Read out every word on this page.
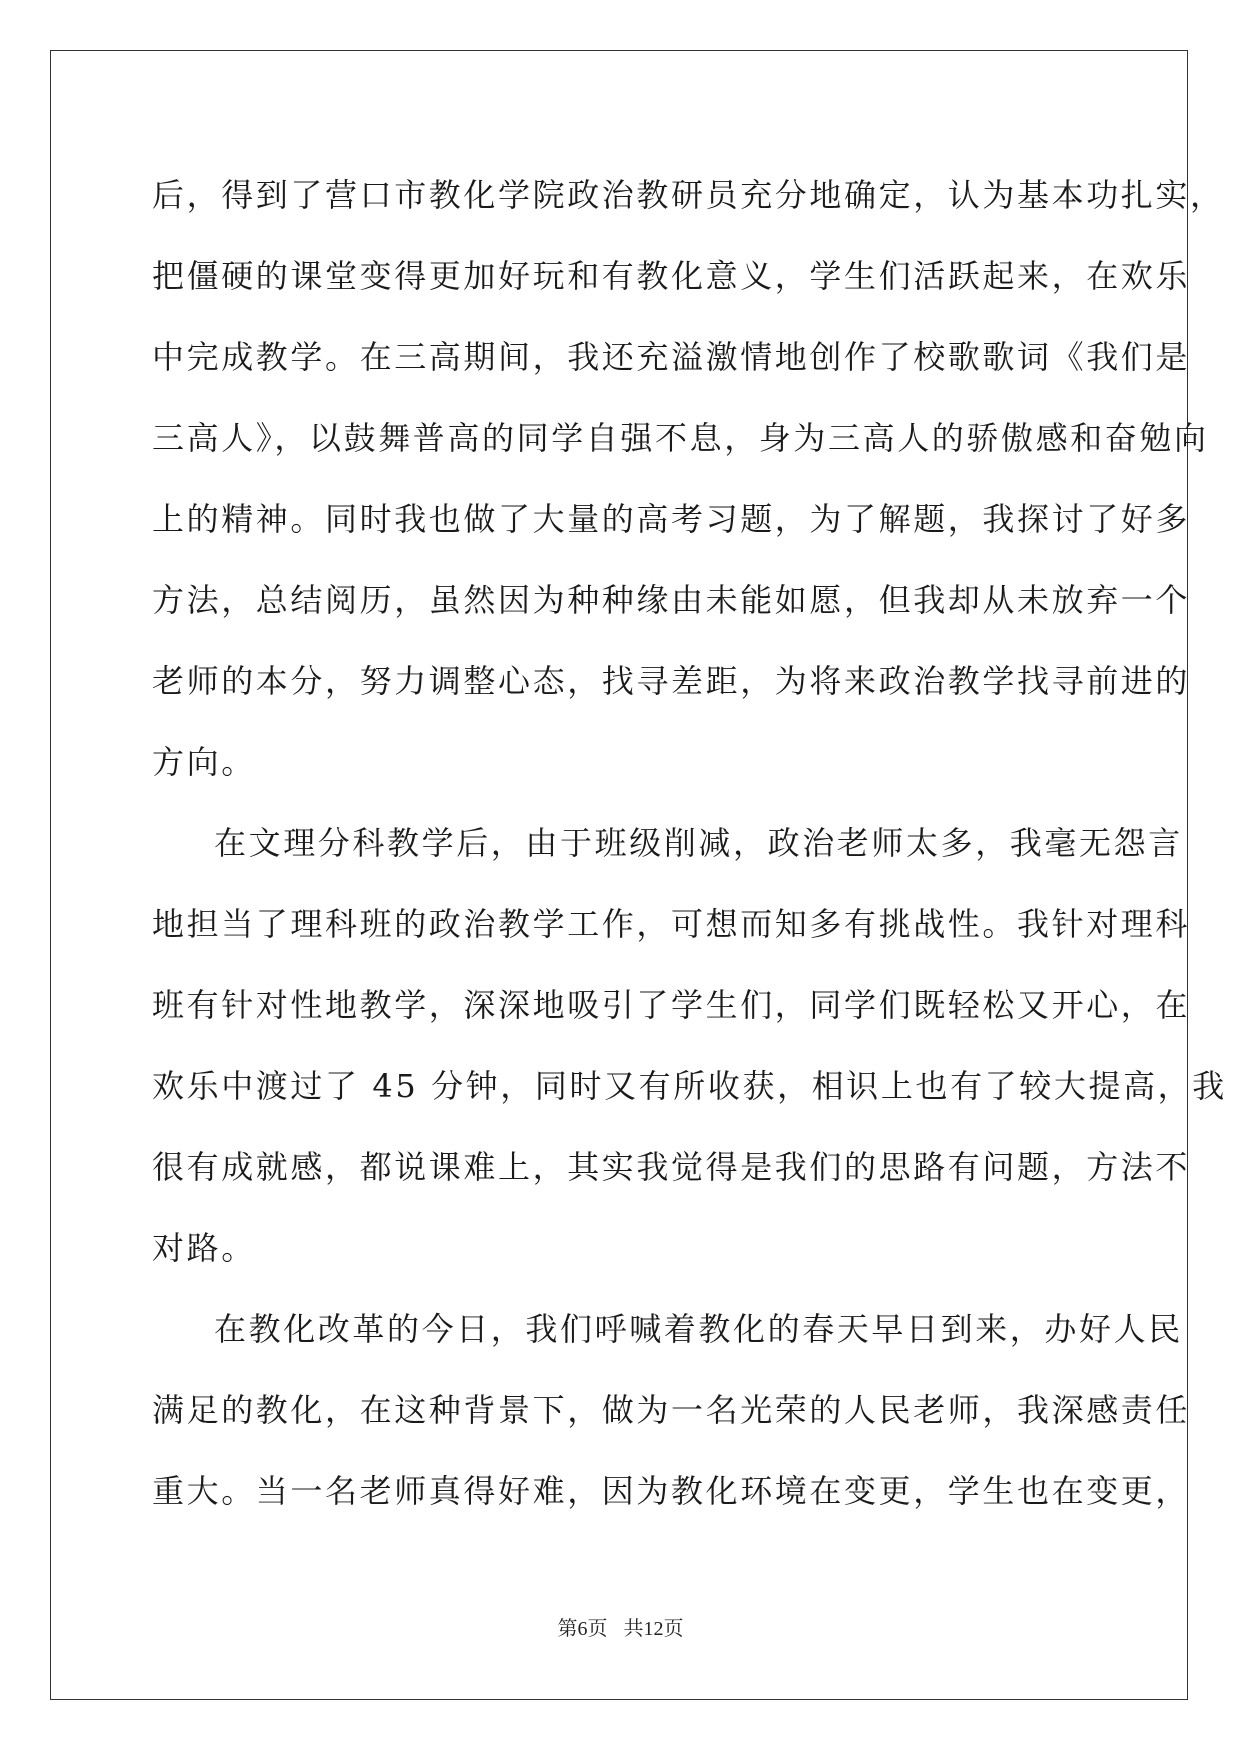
后，得到了营口市教化学院政治教研员充分地确定，认为基本功扎实，
把僵硬的课堂变得更加好玩和有教化意义，学生们活跃起来，在欢乐
中完成教学。在三高期间，我还充溢激情地创作了校歌歌词《我们是
三高人》，以鼓舞普高的同学自强不息，身为三高人的骄傲感和奋勉向
上的精神。同时我也做了大量的高考习题，为了解题，我探讨了好多
方法，总结阅历，虽然因为种种缘由未能如愿，但我却从未放弃一个
老师的本分，努力调整心态，找寻差距，为将来政治教学找寻前进的
方向。
在文理分科教学后，由于班级削减，政治老师太多，我毫无怨言
地担当了理科班的政治教学工作，可想而知多有挑战性。我针对理科
班有针对性地教学，深深地吸引了学生们，同学们既轻松又开心，在
欢乐中渡过了 45 分钟，同时又有所收获，相识上也有了较大提高，我
很有成就感，都说课难上，其实我觉得是我们的思路有问题，方法不
对路。
在教化改革的今日，我们呼喊着教化的春天早日到来，办好人民
满足的教化，在这种背景下，做为一名光荣的人民老师，我深感责任
重大。当一名老师真得好难，因为教化环境在变更，学生也在变更，
第6页 共12页
